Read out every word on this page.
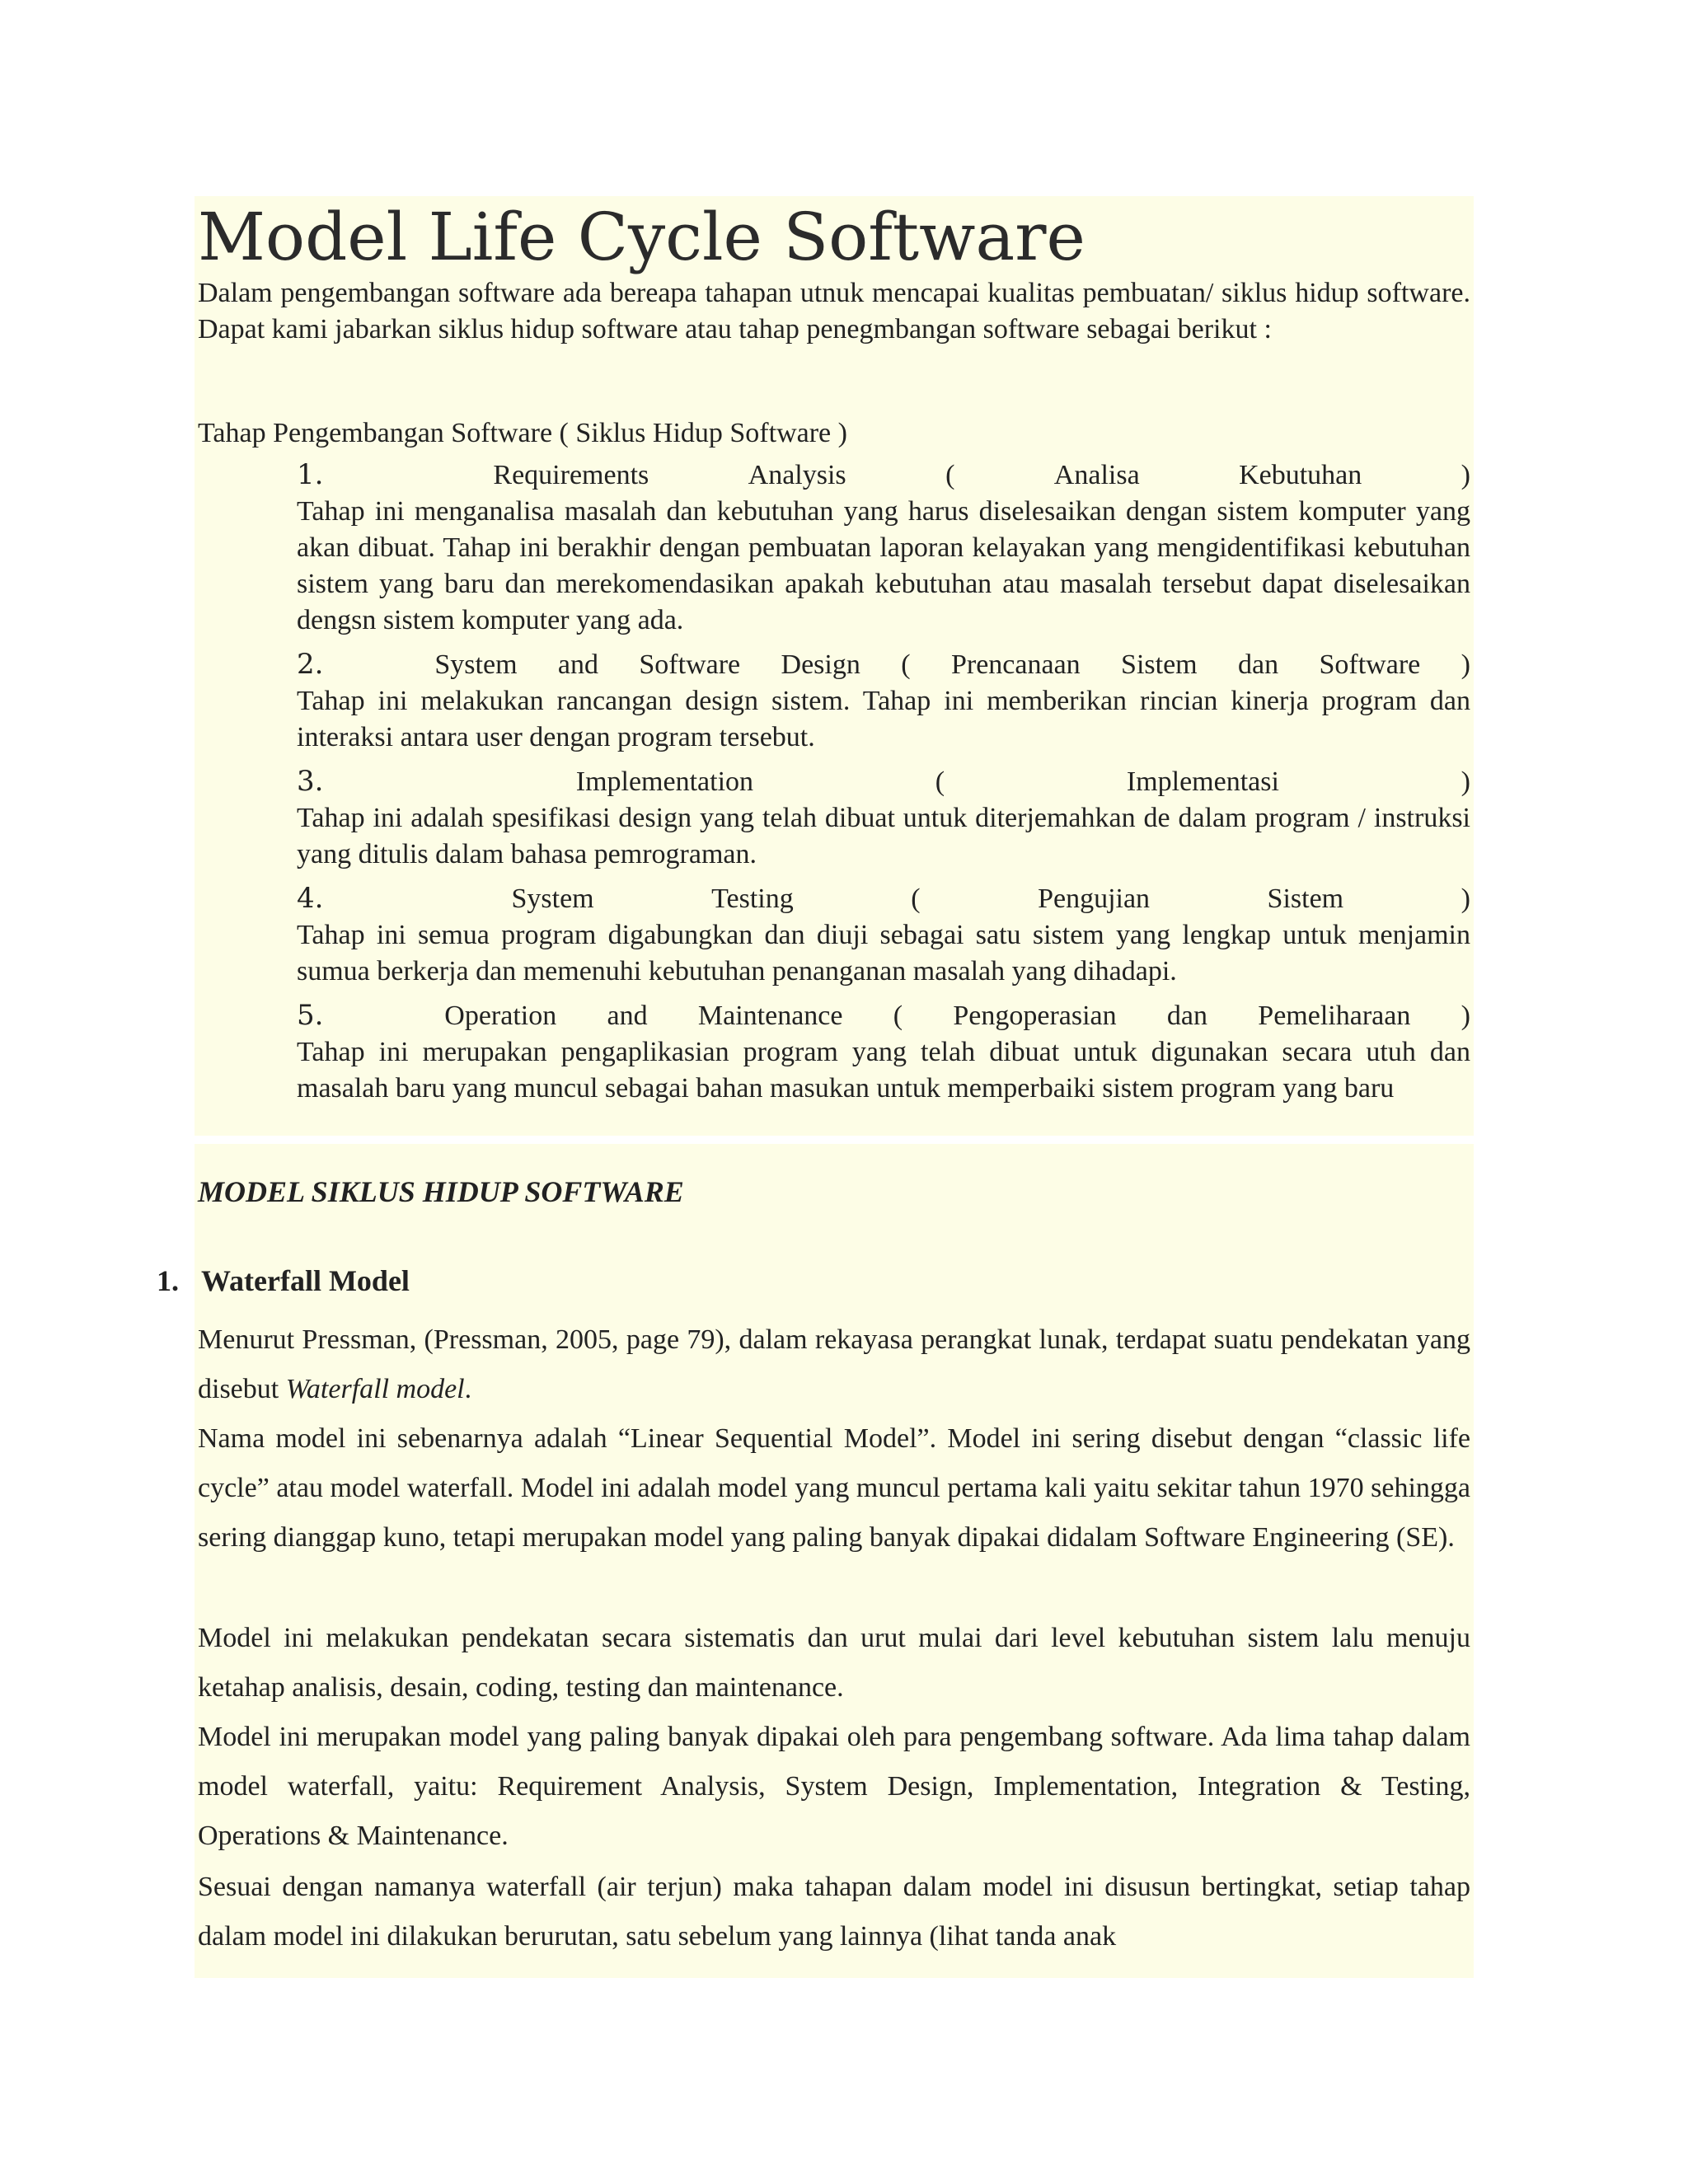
Model Life Cycle Software

Dalam pengembangan software ada bereapa tahapan utnuk mencapai kualitas pembuatan/ siklus hidup software. Dapat kami jabarkan siklus hidup software atau tahap penegmbangan software sebagai berikut :

Tahap Pengembangan Software ( Siklus Hidup Software )

1.	Requirements	Analysis	(	Analisa	Kebutuhan	)

Tahap ini menganalisa masalah dan kebutuhan yang harus diselesaikan dengan sistem komputer yang akan dibuat. Tahap ini berakhir dengan pembuatan laporan kelayakan yang mengidentifikasi kebutuhan sistem yang baru dan merekomendasikan apakah kebutuhan atau masalah tersebut dapat diselesaikan dengsn sistem komputer yang ada.

2.	System and Software Design ( Prencanaan Sistem dan Software )

Tahap ini melakukan rancangan design sistem. Tahap ini memberikan rincian kinerja program dan interaksi antara user dengan program tersebut.

3.	Implementation	(	Implementasi	)

Tahap ini adalah spesifikasi design yang telah dibuat untuk diterjemahkan de dalam program / instruksi yang ditulis dalam bahasa pemrograman.

4.	System	Testing	(	Pengujian	Sistem	)

Tahap ini semua program digabungkan dan diuji sebagai satu sistem yang lengkap untuk menjamin sumua berkerja dan memenuhi kebutuhan penanganan masalah yang dihadapi.

5.	Operation and Maintenance ( Pengoperasian dan Pemeliharaan )

Tahap ini merupakan pengaplikasian program yang telah dibuat untuk digunakan secara utuh dan masalah baru yang muncul sebagai bahan masukan untuk memperbaiki sistem program yang baru

MODEL SIKLUS HIDUP SOFTWARE
1. Waterfall Model

Menurut Pressman, (Pressman, 2005, page 79), dalam rekayasa perangkat lunak, terdapat suatu pendekatan yang disebut Waterfall model.

Nama model ini sebenarnya adalah “Linear Sequential Model”. Model ini sering disebut dengan “classic life cycle” atau model waterfall. Model ini adalah model yang muncul pertama kali yaitu sekitar tahun 1970 sehingga sering dianggap kuno, tetapi merupakan model yang paling banyak dipakai didalam Software Engineering (SE).

Model ini melakukan pendekatan secara sistematis dan urut mulai dari level kebutuhan sistem lalu menuju ketahap analisis, desain, coding, testing dan maintenance.

Model ini merupakan model yang paling banyak dipakai oleh para pengembang software. Ada lima tahap dalam model waterfall, yaitu: Requirement Analysis, System Design, Implementation, Integration & Testing, Operations & Maintenance.

Sesuai dengan namanya waterfall (air terjun) maka tahapan dalam model ini disusun bertingkat, setiap tahap dalam model ini dilakukan berurutan, satu sebelum yang lainnya (lihat tanda anak
